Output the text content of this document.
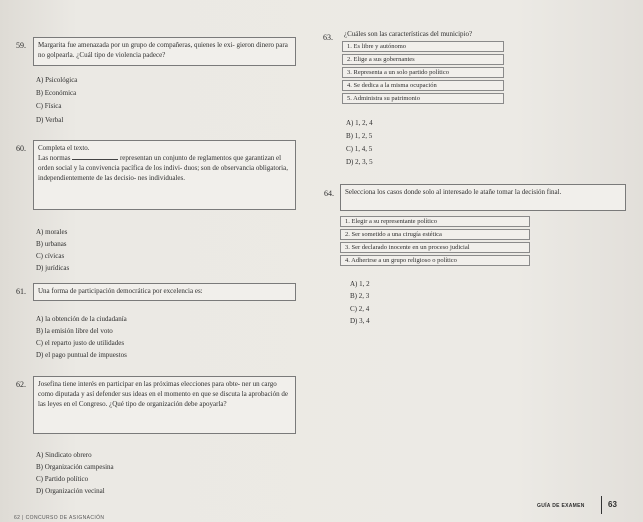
59.	Margarita fue amenazada por un grupo de compañeras, quienes le exi- gieron dinero para no golpearla. ¿Cuál tipo de violencia padece?
A) Psicológica
B) Económica
C) Física
D) Verbal
60. Completa el texto.
Las normas	representan un conjunto de reglamentos que garantizan el orden social y la convivencia pacífica de los indivi- duos; son de observancia obligatoria, independientemente de las decisio- nes individuales.
A) morales
B) urbanas
C) cívicas
D) jurídicas
61.	Una forma de participación democrática por excelencia es:
A) la obtención de la ciudadanía
B) la emisión libre del voto
C) el reparto justo de utilidades
D) el pago puntual de impuestos
62.	Josefina tiene interés en participar en las próximas elecciones para obte- ner un cargo como diputada y así defender sus ideas en el momento en que se discuta la aprobación de las leyes en el Congreso. ¿Qué tipo de organización debe apoyarla?
A) Sindicato obrero
B) Organización campesina
C) Partido político
D) Organización vecinal
63. ¿Cuáles son las características del municipio?
1. Es libre y autónomo
2. Elige a sus gobernantes
3. Representa a un solo partido político
4. Se dedica a la misma ocupación
5. Administra su patrimonio
A) 1, 2, 4
B) 1, 2, 5
C) 1, 4, 5
D) 2, 3, 5
64.	Selecciona los casos donde solo al interesado le atañe tomar la decisión final.
1. Elegir a su representante político
2. Ser sometido a una cirugía estética
3. Ser declarado inocente en un proceso judicial
4. Adherirse a un grupo religioso o político
A) 1, 2
B) 2, 3
C) 2, 4
D) 3, 4
GUÍA DE EXAMEN	63
62 | CONCURSO DE ASIGNACIÓN
